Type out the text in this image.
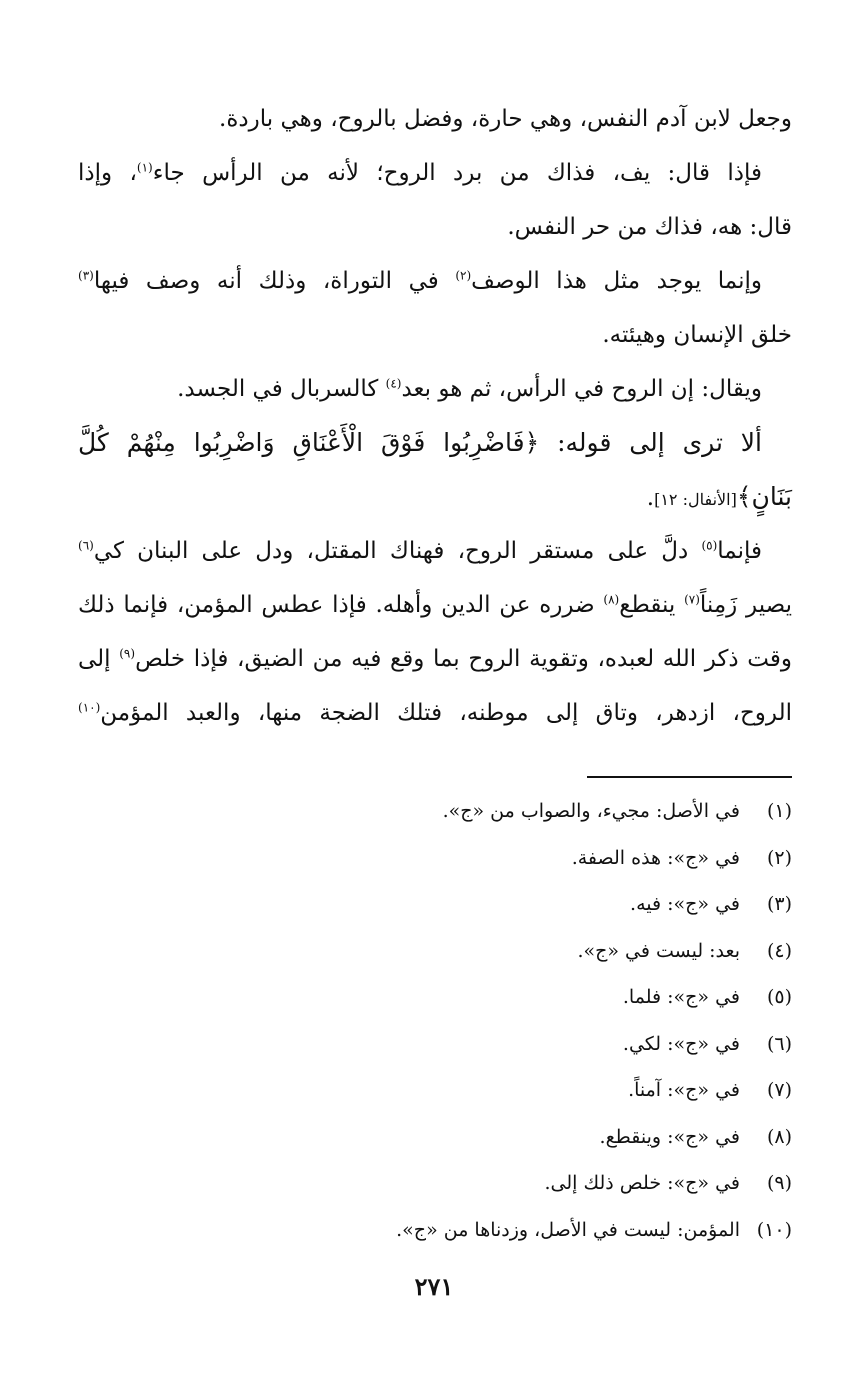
وجعل لابن آدم النفس، وهي حارة، وفضل بالروح، وهي باردة.
فإذا قال: يف، فذاك من برد الروح؛ لأنه من الرأس جاء$^{(١)}$، وإذا
قال: هه، فذاك من حر النفس.
وإنما يوجد مثل هذا الوصف$^{(٢)}$ في التوراة، وذلك أنه وصف فيها$^{(٣)}$
خلق الإنسان وهيئته.
ويقال: إن الروح في الرأس، ثم هو بعد$^{(٤)}$ كالسربال في الجسد.
ألا ترى إلى قوله: ﴿فَاضْرِبُوا فَوْقَ الْأَعْنَاقِ وَاضْرِبُوا مِنْهُمْ كُلَّ
بَنَانٍ﴾[الأنفال: ١٢].
فإنما$^{(٥)}$ دلَّ على مستقر الروح، فهناك المقتل، ودل على البنان كي$^{(٦)}$
يصير زَمِناً$^{(٧)}$ ينقطع$^{(٨)}$ ضرره عن الدين وأهله. فإذا عطس المؤمن، فإنما ذلك
وقت ذكر الله لعبده، وتقوية الروح بما وقع فيه من الضيق، فإذا خلص$^{(٩)}$ إلى
الروح، ازدهر، وتاق إلى موطنه، فتلك الضجة منها، والعبد المؤمن$^{(١٠)}$
(١)في الأصل: مجيء، والصواب من «ج».
(٢)في «ج»: هذه الصفة.
(٣)في «ج»: فيه.
(٤)بعد: ليست في «ج».
(٥)في «ج»: فلما.
(٦)في «ج»: لكي.
(٧)في «ج»: آمناً.
(٨)في «ج»: وينقطع.
(٩)في «ج»: خلص ذلك إلى.
(١٠)المؤمن: ليست في الأصل، وزدناها من «ج».
٢٧١
